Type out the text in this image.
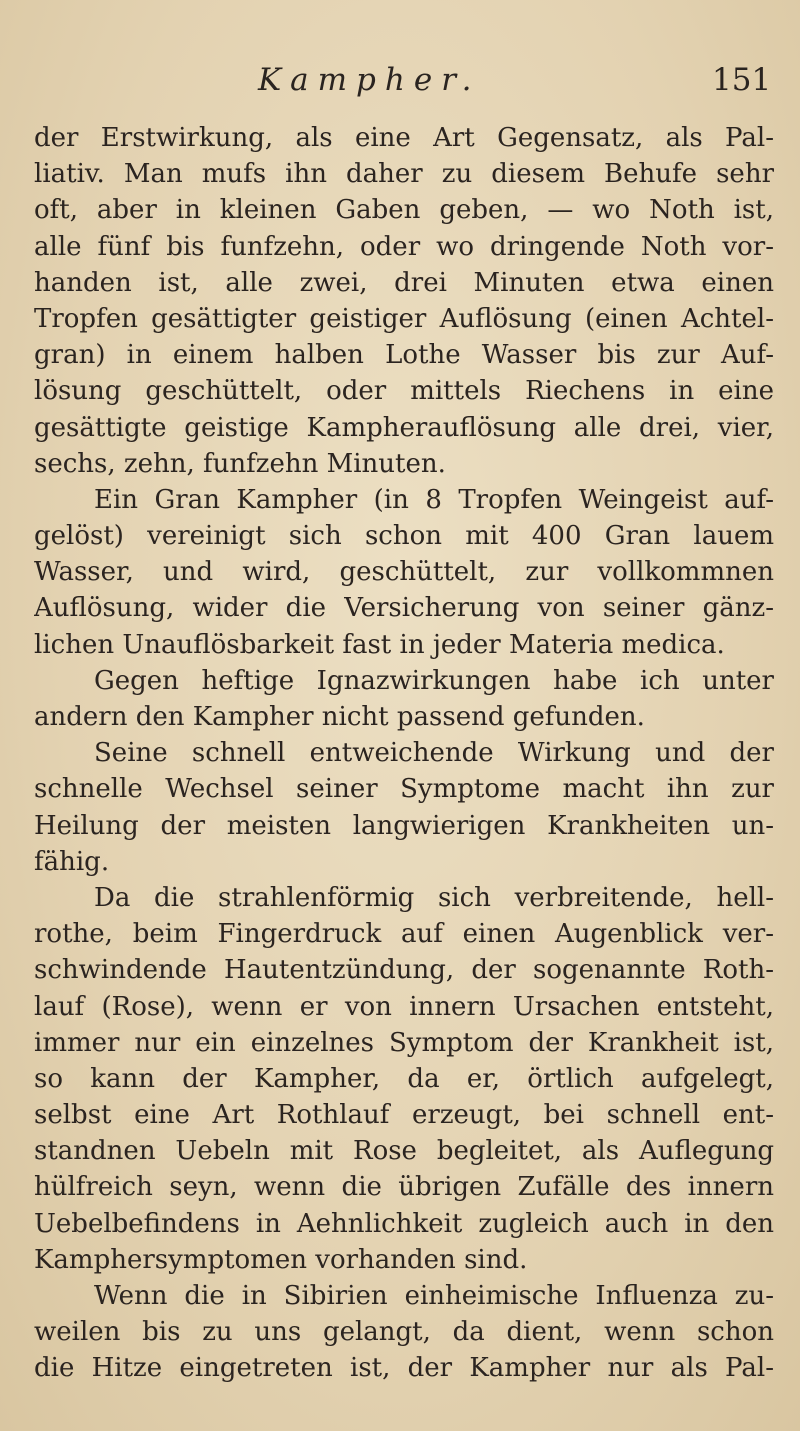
Kampher.	151
der Erstwirkung, als eine Art Gegensatz, als Pal-
liativ. Man mufs ihn daher zu diesem Behufe sehr
oft, aber in kleinen Gaben geben, — wo Noth ist,
alle fünf bis funfzehn, oder wo dringende Noth vor-
handen ist, alle zwei, drei Minuten etwa einen
Tropfen gesättigter geistiger Auflösung (einen Achtel-
gran) in einem halben Lothe Wasser bis zur Auf-
lösung geschüttelt, oder mittels Riechens in eine
gesättigte geistige Kampherauflösung alle drei, vier,
sechs, zehn, funfzehn Minuten.
Ein Gran Kampher (in 8 Tropfen Weingeist auf-
gelöst) vereinigt sich schon mit 400 Gran lauem
Wasser, und wird, geschüttelt, zur vollkommnen
Auflösung, wider die Versicherung von seiner gänz-
lichen Unauflösbarkeit fast in jeder Materia medica.
Gegen heftige Ignazwirkungen habe ich unter
andern den Kampher nicht passend gefunden.
Seine schnell entweichende Wirkung und der
schnelle Wechsel seiner Symptome macht ihn zur
Heilung der meisten langwierigen Krankheiten un-
fähig.
Da die strahlenförmig sich verbreitende, hell-
rothe, beim Fingerdruck auf einen Augenblick ver-
schwindende Hautentzündung, der sogenannte Roth-
lauf (Rose), wenn er von innern Ursachen entsteht,
immer nur ein einzelnes Symptom der Krankheit ist,
so kann der Kampher, da er, örtlich aufgelegt,
selbst eine Art Rothlauf erzeugt, bei schnell ent-
standnen Uebeln mit Rose begleitet, als Auflegung
hülfreich seyn, wenn die übrigen Zufälle des innern
Uebelbefindens in Aehnlichkeit zugleich auch in den
Kamphersymptomen vorhanden sind.
Wenn die in Sibirien einheimische Influenza zu-
weilen bis zu uns gelangt, da dient, wenn schon
die Hitze eingetreten ist, der Kampher nur als Pal-
